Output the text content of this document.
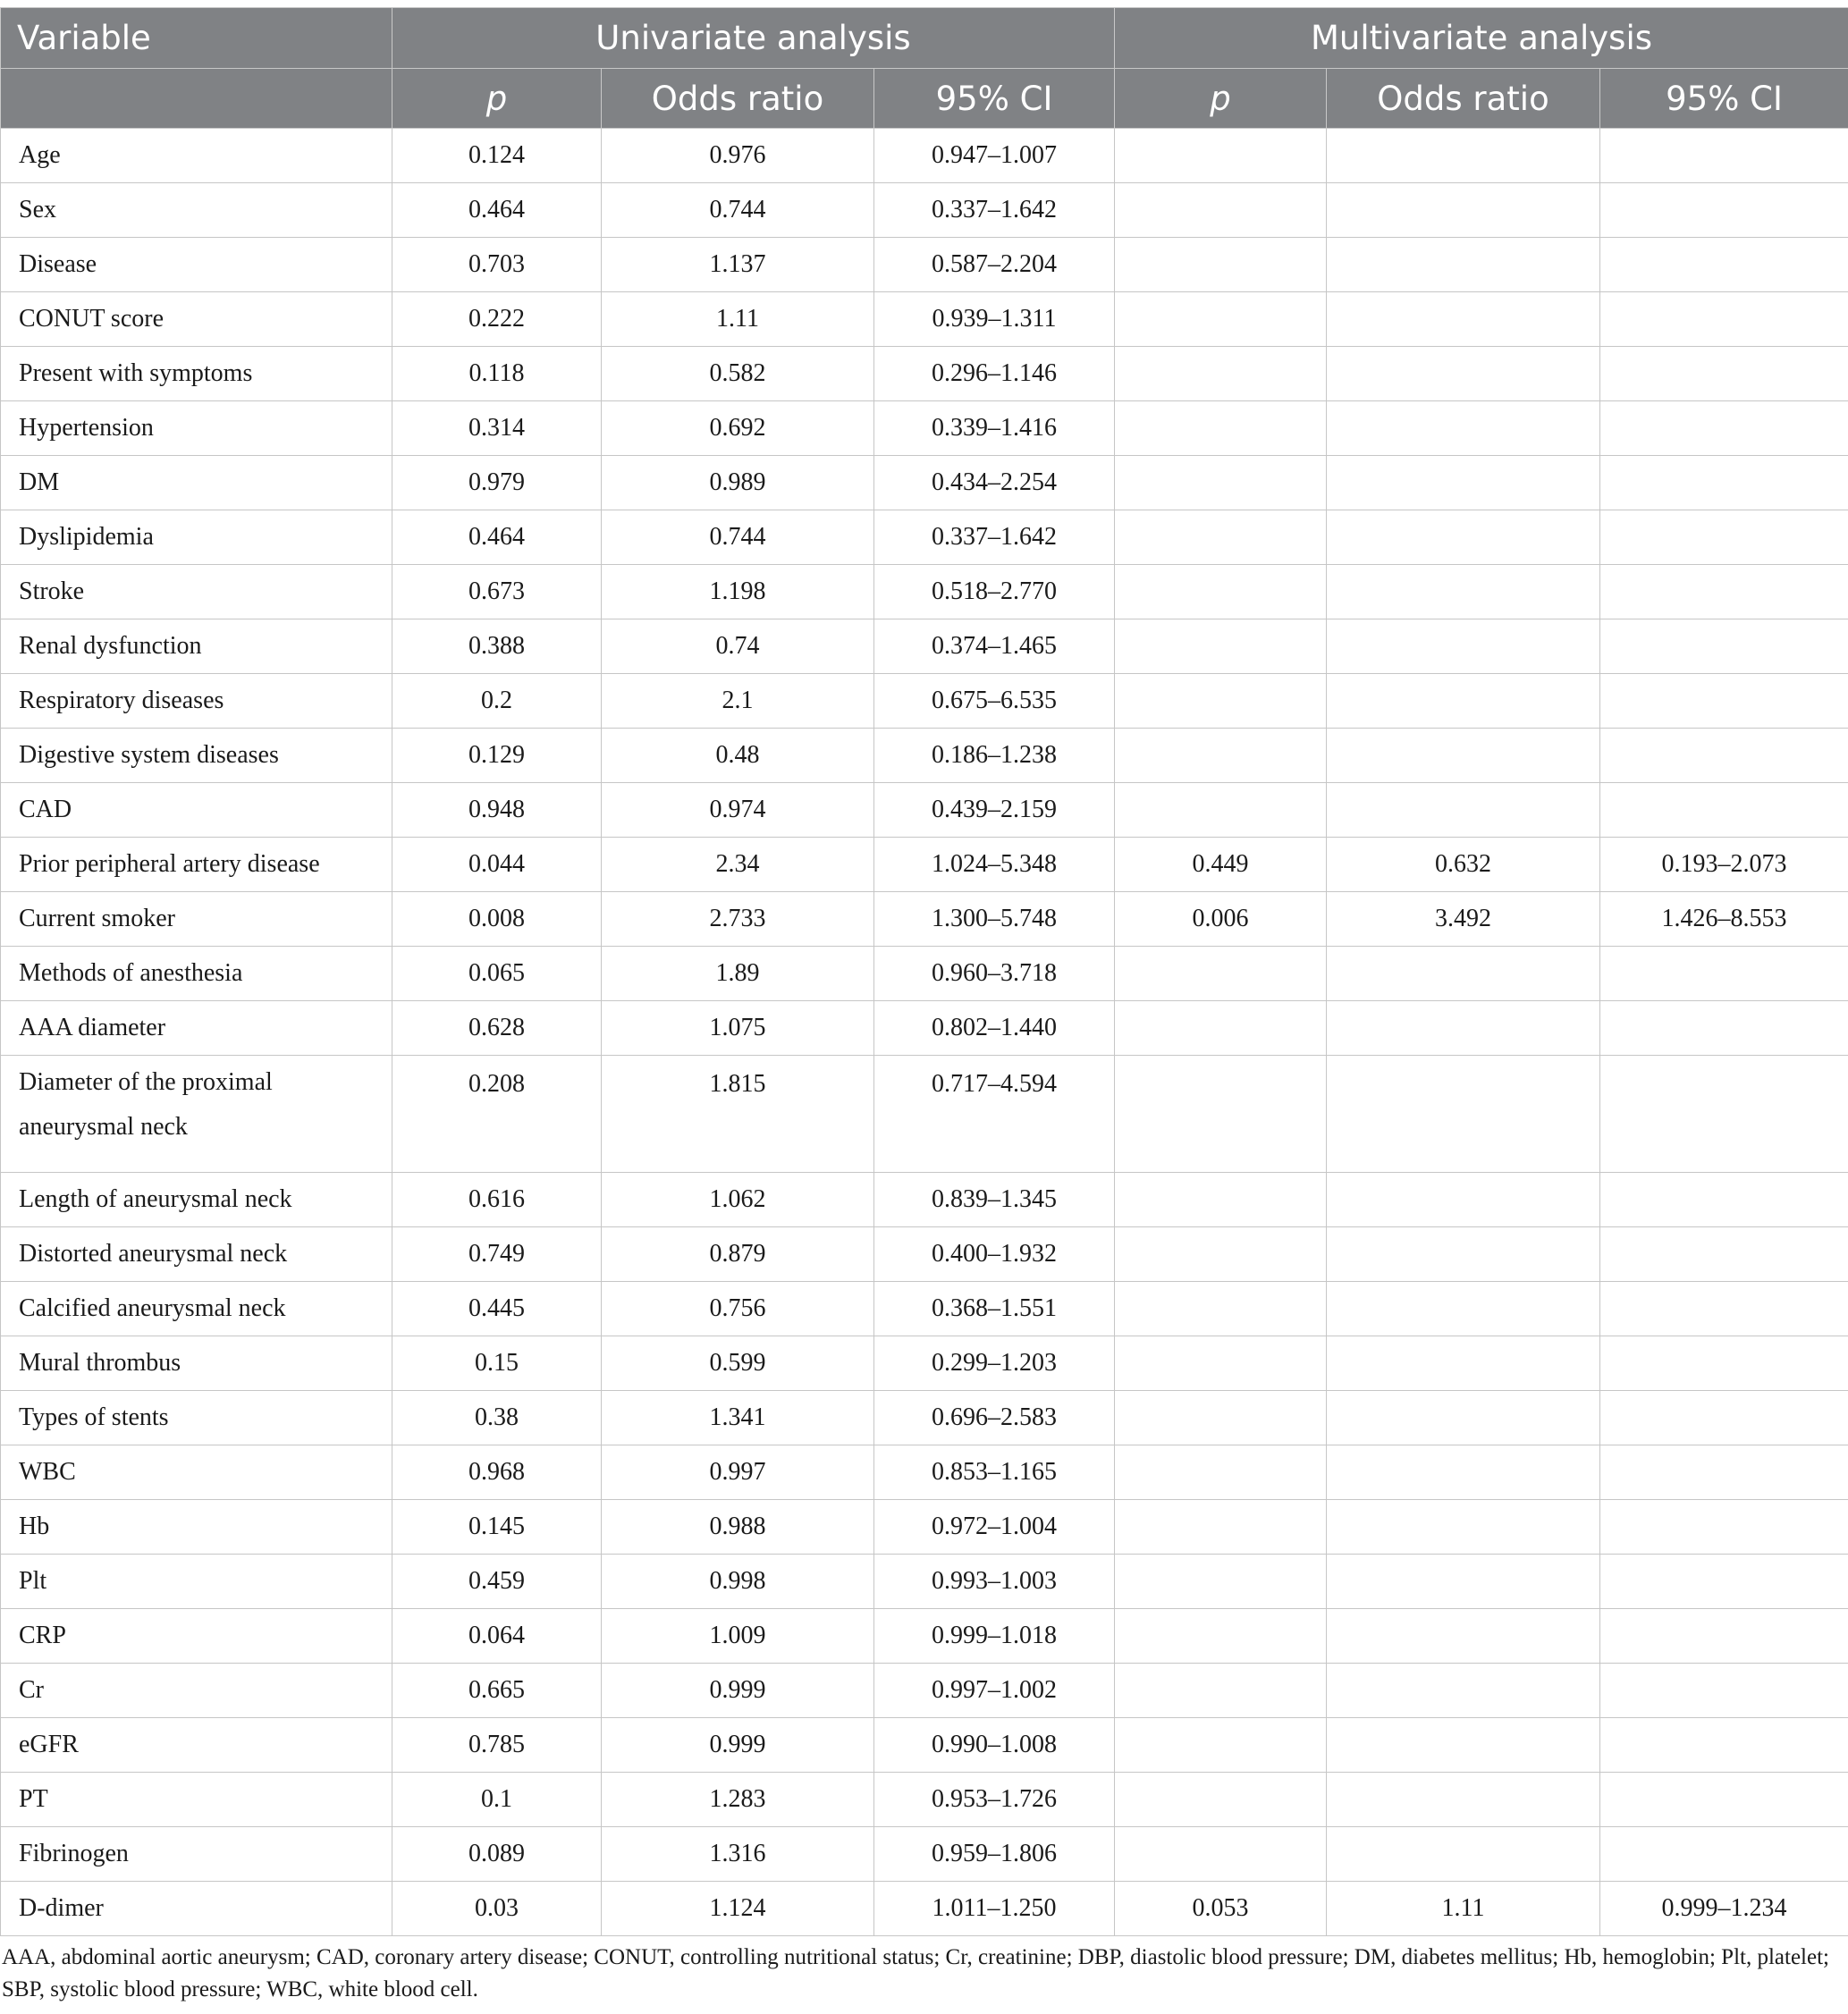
Variable	Univariate analysis			Multivariate analysis		
	p	Odds ratio	95% CI	p	Odds ratio	95% CI
Age	0.124	0.976	0.947–1.007			
Sex	0.464	0.744	0.337–1.642			
Disease	0.703	1.137	0.587–2.204			
CONUT score	0.222	1.11	0.939–1.311			
Present with symptoms	0.118	0.582	0.296–1.146			
Hypertension	0.314	0.692	0.339–1.416			
DM	0.979	0.989	0.434–2.254			
Dyslipidemia	0.464	0.744	0.337–1.642			
Stroke	0.673	1.198	0.518–2.770			
Renal dysfunction	0.388	0.74	0.374–1.465			
Respiratory diseases	0.2	2.1	0.675–6.535			
Digestive system diseases	0.129	0.48	0.186–1.238			
CAD	0.948	0.974	0.439–2.159			
Prior peripheral artery disease	0.044	2.34	1.024–5.348	0.449	0.632	0.193–2.073
Current smoker	0.008	2.733	1.300–5.748	0.006	3.492	1.426–8.553
Methods of anesthesia	0.065	1.89	0.960–3.718			
AAA diameter	0.628	1.075	0.802–1.440			
Diameter of the proximal aneurysmal neck	0.208	1.815	0.717–4.594			
Length of aneurysmal neck	0.616	1.062	0.839–1.345			
Distorted aneurysmal neck	0.749	0.879	0.400–1.932			
Calcified aneurysmal neck	0.445	0.756	0.368–1.551			
Mural thrombus	0.15	0.599	0.299–1.203			
Types of stents	0.38	1.341	0.696–2.583			
WBC	0.968	0.997	0.853–1.165			
Hb	0.145	0.988	0.972–1.004			
Plt	0.459	0.998	0.993–1.003			
CRP	0.064	1.009	0.999–1.018			
Cr	0.665	0.999	0.997–1.002			
eGFR	0.785	0.999	0.990–1.008			
PT	0.1	1.283	0.953–1.726			
Fibrinogen	0.089	1.316	0.959–1.806			
D-dimer	0.03	1.124	1.011–1.250	0.053	1.11	0.999–1.234
AAA, abdominal aortic aneurysm; CAD, coronary artery disease; CONUT, controlling nutritional status; Cr, creatinine; DBP, diastolic blood pressure; DM, diabetes mellitus; Hb, hemoglobin; Plt, platelet; SBP, systolic blood pressure; WBC, white blood cell.
